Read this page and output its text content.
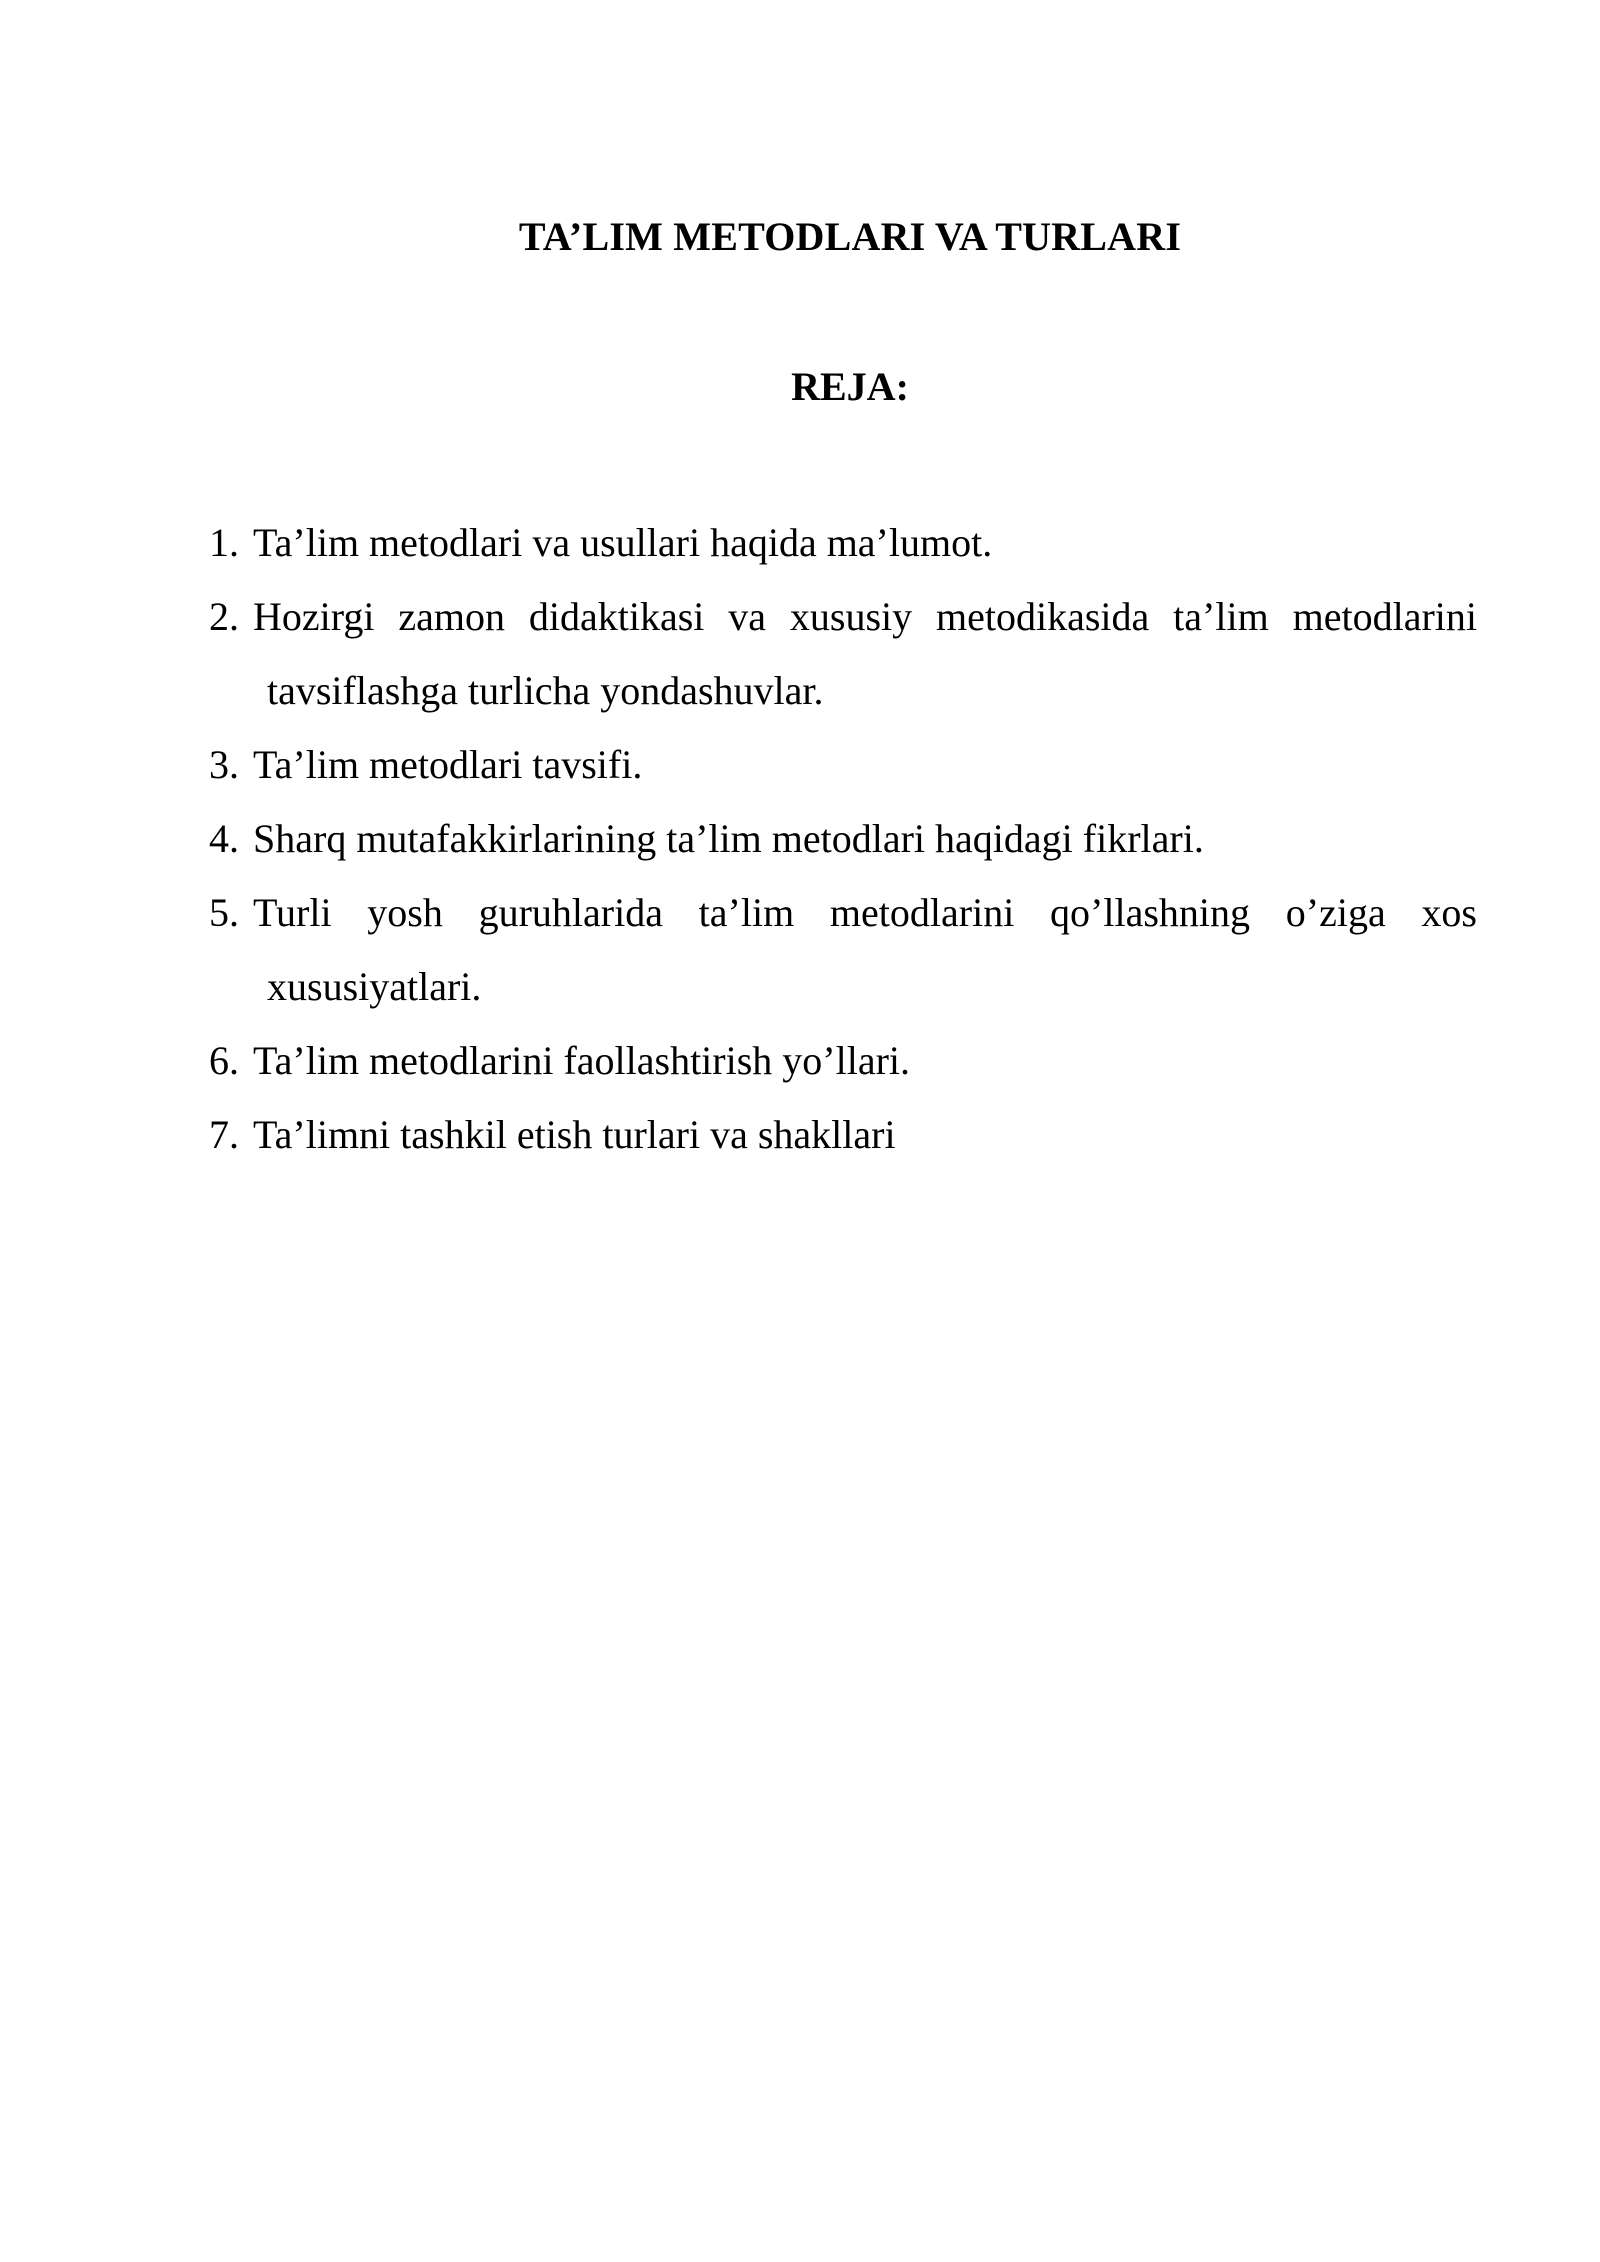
TA’LIM METODLARI VA TURLARI
REJA:
1. Ta’lim metodlari va usullari haqida ma’lumot.
2. Hozirgi zamon didaktikasi va xususiy metodikasida ta’lim metodlarini tavsiflashga turlicha yondashuvlar.
3. Ta’lim metodlari tavsifi.
4. Sharq mutafakkirlarining ta’lim metodlari haqidagi fikrlari.
5. Turli yosh guruhlarida ta’lim metodlarini qo’llashning o’ziga xos xususiyatlari.
6. Ta’lim metodlarini faollashtirish yo’llari.
7. Ta’limni tashkil etish turlari va shakllari
